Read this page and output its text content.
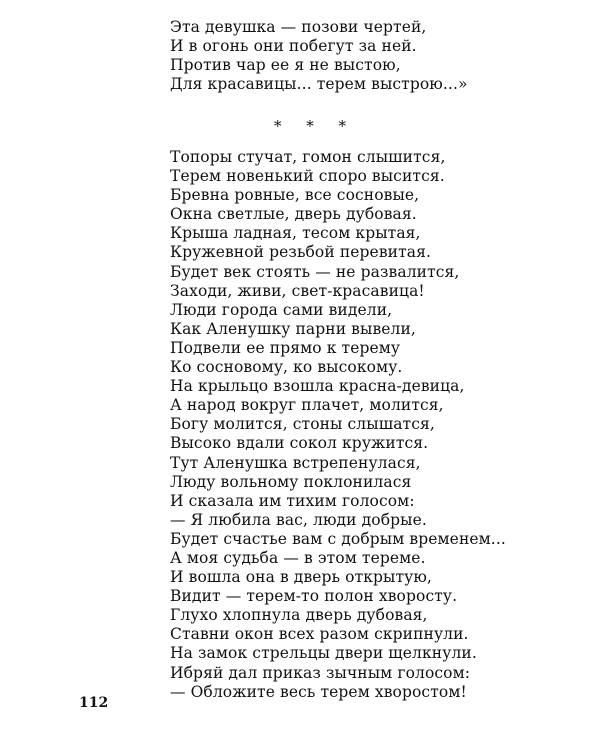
Эта девушка — позови чертей,
И в огонь они побегут за ней.
Против чар ее я не выстою,
Для красавицы... терем выстрою...»
* * *
Топоры стучат, гомон слышится,
Терем новенький споро высится.
Бревна ровные, все сосновые,
Окна светлые, дверь дубовая.
Крыша ладная, тесом крытая,
Кружевной резьбой перевитая.
Будет век стоять — не развалится,
Заходи, живи, свет-красавица!
Люди города сами видели,
Как Аленушку парни вывели,
Подвели ее прямо к терему
Ко сосновому, ко высокому.
На крыльцо взошла красна-девица,
А народ вокруг плачет, молится,
Богу молится, стоны слышатся,
Высоко вдали сокол кружится.
Тут Аленушка встрепенулася,
Люду вольному поклонилася
И сказала им тихим голосом:
— Я любила вас, люди добрые.
Будет счастье вам с добрым временем...
А моя судьба — в этом тереме.
И вошла она в дверь открытую,
Видит — терем-то полон хворосту.
Глухо хлопнула дверь дубовая,
Ставни окон всех разом скрипнули.
На замок стрельцы двери щелкнули.
Ибряй дал приказ зычным голосом:
— Обложите весь терем хворостом!
112
